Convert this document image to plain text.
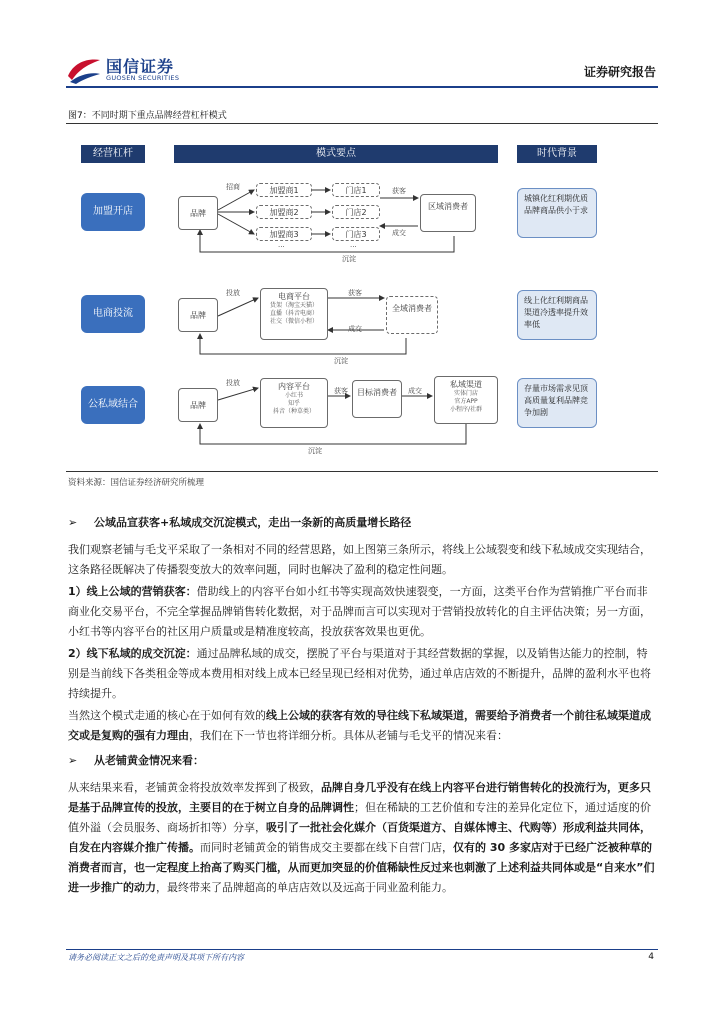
国信证券
GUOSEN SECURITIES	证券研究报告
图7：不同时期下重点品牌经营杠杆模式
经营杠杆	模式要点	时代背景
加盟开店	品牌
招商	加盟商1
加盟商2
加盟商3
...
门店1
门店2
门店3
...
获客
成交
区域消费者
沉淀
城镇化红利期优质品牌商品供小于求
电商投流	品牌
投放	电商平台
货架（淘宝天猫）
直播（抖音电商）
社交（微信小程）
获客
成交
全域消费者
沉淀
线上化红利期商品渠道冷透率提升效率低
公私域结合	品牌
投放	内容平台
小红书
知乎
抖音（种草类）
获客	目标消费者	成交
私域渠道
实体门店
官方APP
小程序/社群
沉淀
存量市场需求见顶高质量复利品牌竞争加剧
资料来源：国信证券经济研究所梳理
➢ 公域品宣获客+私域成交沉淀模式，走出一条新的高质量增长路径
我们观察老铺与毛戈平采取了一条相对不同的经营思路，如上图第三条所示，将线上公域裂变和线下私域成交实现结合，这条路径既解决了传播裂变放大的效率问题，同时也解决了盈利的稳定性问题。
1）线上公域的营销获客：借助线上的内容平台如小红书等实现高效快速裂变，一方面，这类平台作为营销推广平台而非商业化交易平台，不完全掌握品牌销售转化数据，对于品牌而言可以实现对于营销投放转化的自主评估决策；另一方面，小红书等内容平台的社区用户质量或是精准度较高，投放获客效果也更优。
2）线下私域的成交沉淀：通过品牌私域的成交，摆脱了平台与渠道对于其经营数据的掌握，以及销售达能力的控制，特别是当前线下各类租金等成本费用相对线上成本已经呈现已经相对优势，通过单店店效的不断提升，品牌的盈利水平也将持续提升。
当然这个模式走通的核心在于如何有效的线上公域的获客有效的导往线下私域渠道，需要给予消费者一个前往私域渠道成交或是复购的强有力理由，我们在下一节也将详细分析。具体从老铺与毛戈平的情况来看：
➢ 从老铺黄金情况来看：
从来结果来看，老铺黄金将投放效率发挥到了极致，品牌自身几乎没有在线上内容平台进行销售转化的投流行为，更多只是基于品牌宣传的投放，主要目的在于树立自身的品牌调性；但在稀缺的工艺价值和专注的差异化定位下，通过适度的价值外溢（会员服务、商场折扣等）分享，吸引了一批社会化媒介（百货渠道方、自媒体博主、代购等）形成利益共同体，自发在内容媒介推广传播。而同时老铺黄金的销售成交主要都在线下自营门店，仅有的 30 多家店对于已经广泛被种草的消费者而言，也一定程度上抬高了购买门槛，从而更加突显的价值稀缺性反过来也刺激了上述利益共同体或是“自来水”们进一步推广的动力，最终带来了品牌超高的单店店效以及远高于同业盈利能力。
请务必阅读正文之后的免责声明及其项下所有内容	4
